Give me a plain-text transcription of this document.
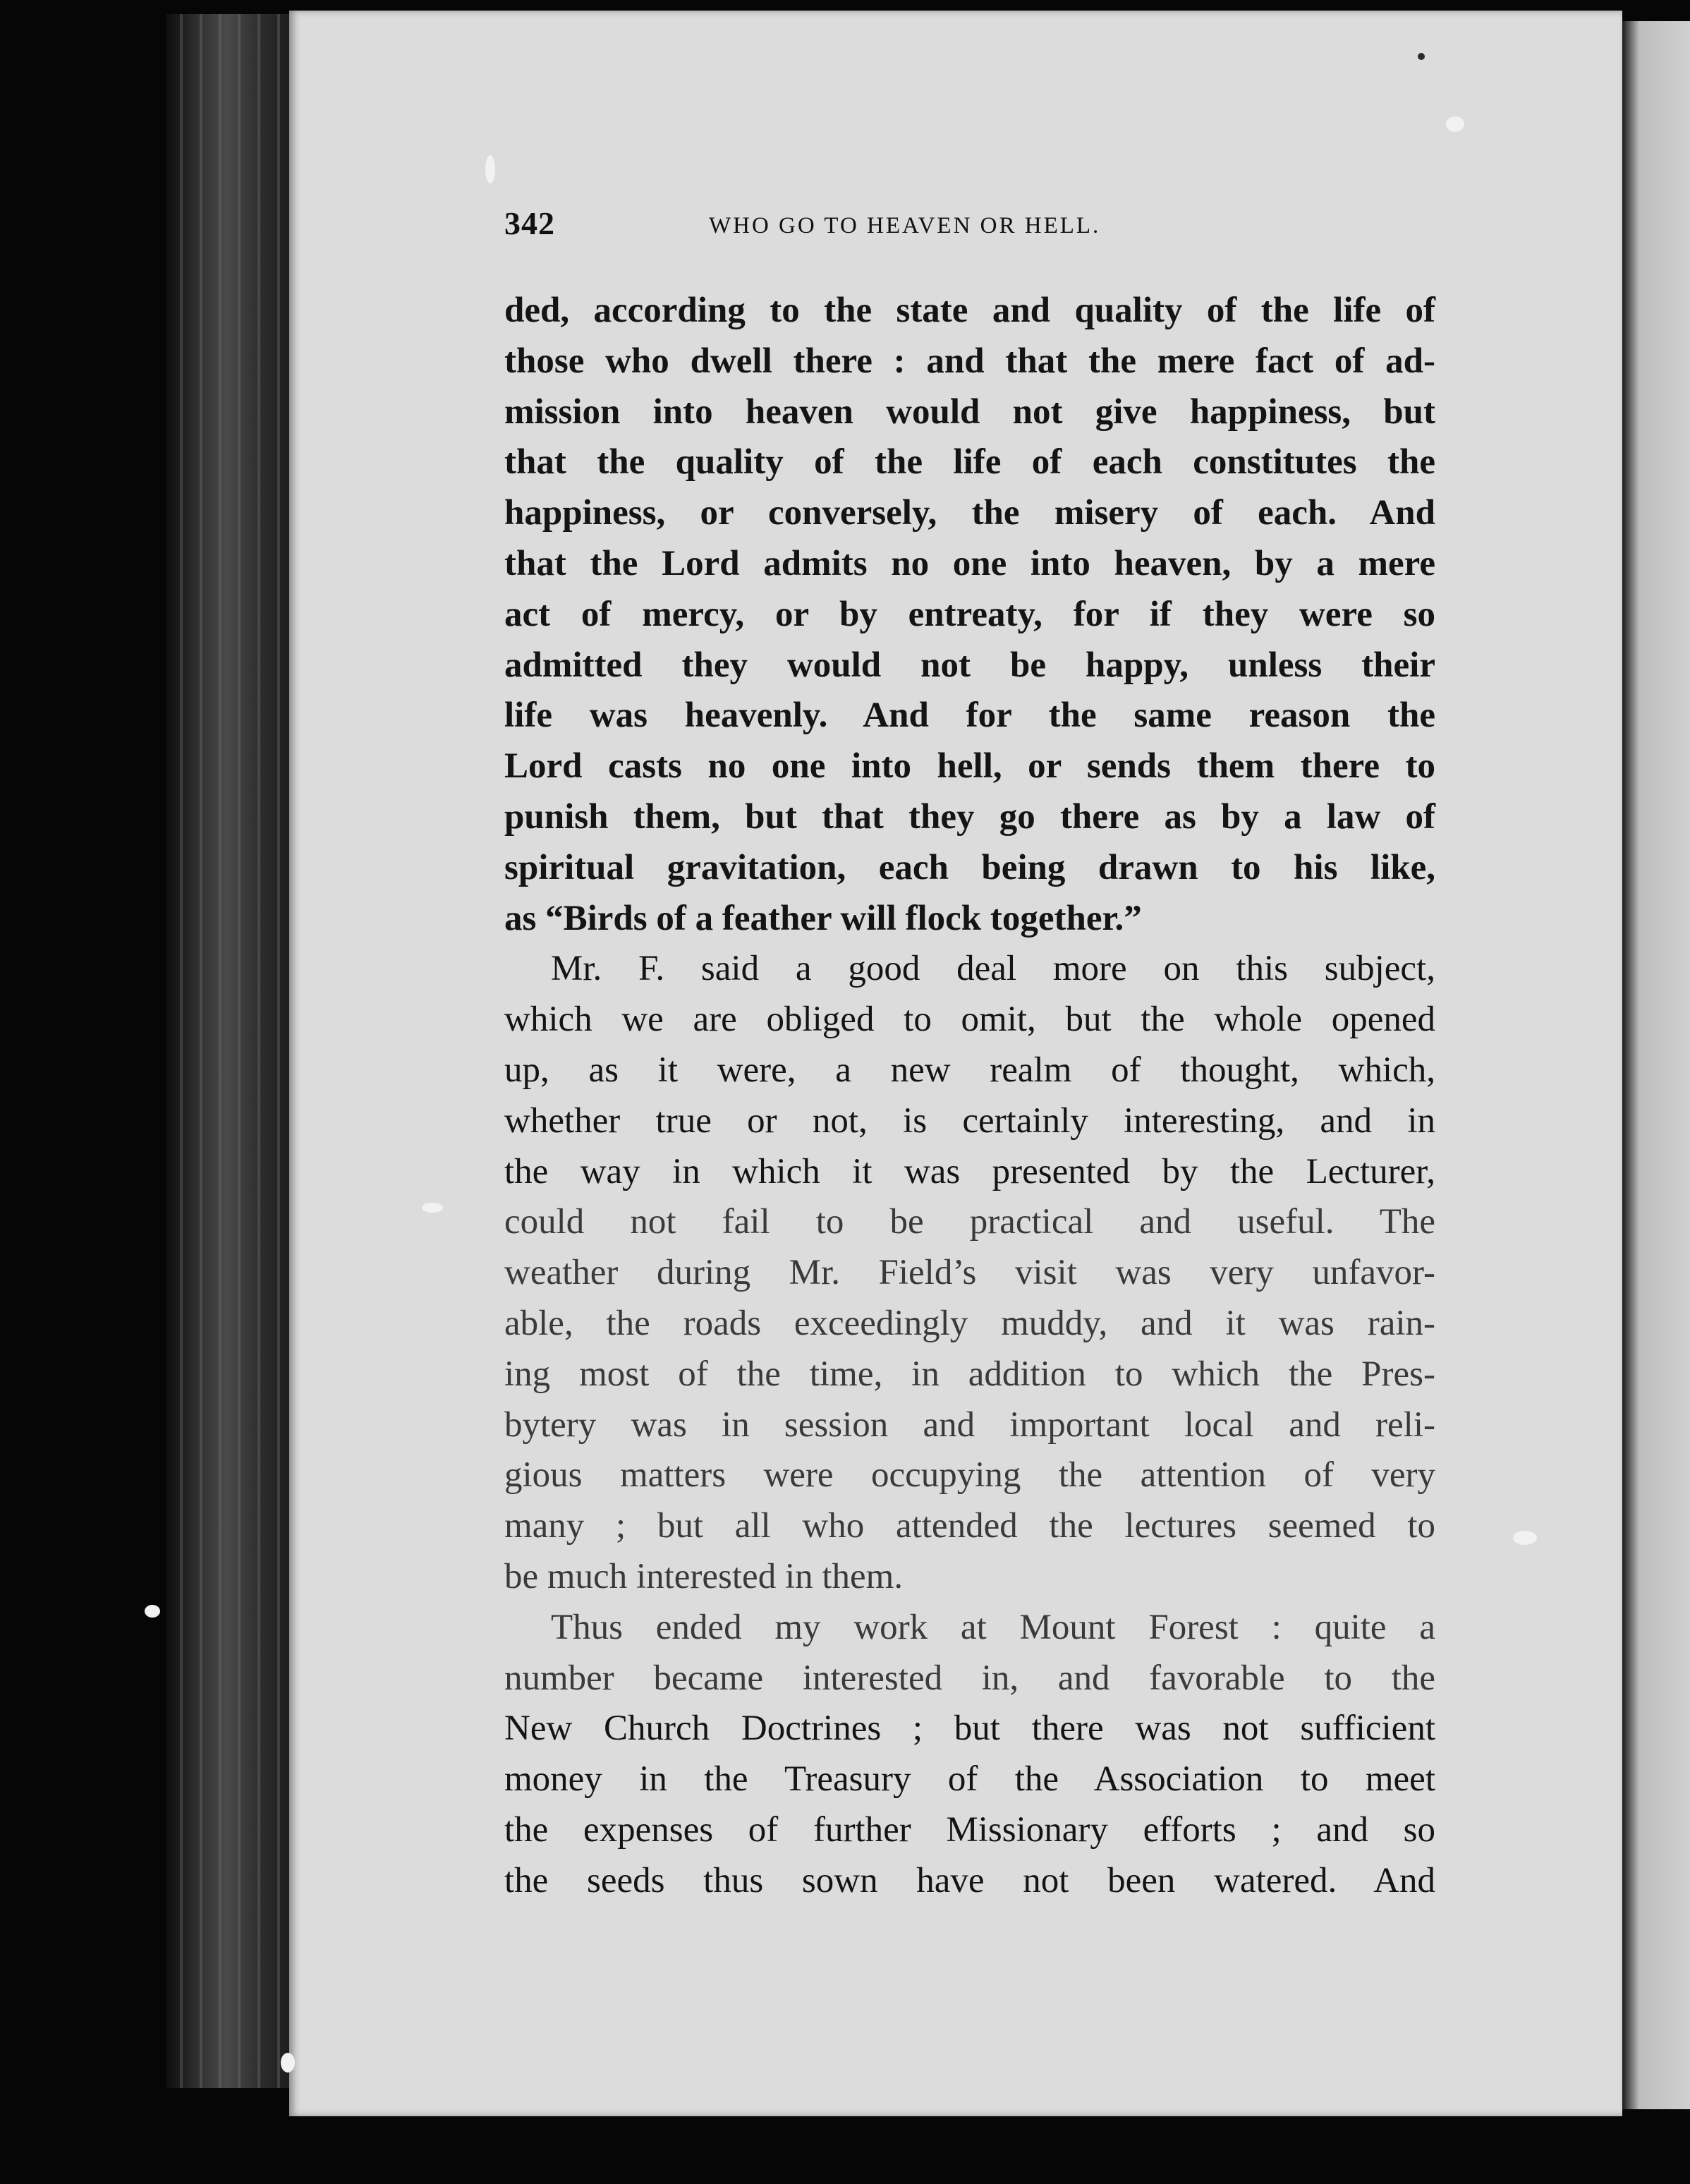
342	WHO GO TO HEAVEN OR HELL.
ded, according to the state and quality of the life of
those who dwell there : and that the mere fact of ad-
mission into heaven would not give happiness, but
that the quality of the life of each constitutes the
happiness, or conversely, the misery of each. And
that the Lord admits no one into heaven, by a mere
act of mercy, or by entreaty, for if they were so
admitted they would not be happy, unless their
life was heavenly. And for the same reason the
Lord casts no one into hell, or sends them there to
punish them, but that they go there as by a law of
spiritual gravitation, each being drawn to his like,
as “Birds of a feather will flock together.”
Mr. F. said a good deal more on this subject,
which we are obliged to omit, but the whole opened
up, as it were, a new realm of thought, which,
whether true or not, is certainly interesting, and in
the way in which it was presented by the Lecturer,
could not fail to be practical and useful. The
weather during Mr. Field’s visit was very unfavor-
able, the roads exceedingly muddy, and it was rain-
ing most of the time, in addition to which the Pres-
bytery was in session and important local and reli-
gious matters were occupying the attention of very
many ; but all who attended the lectures seemed to
be much interested in them.
Thus ended my work at Mount Forest : quite a
number became interested in, and favorable to the
New Church Doctrines ; but there was not sufficient
money in the Treasury of the Association to meet
the expenses of further Missionary efforts ; and so
the seeds thus sown have not been watered. And
